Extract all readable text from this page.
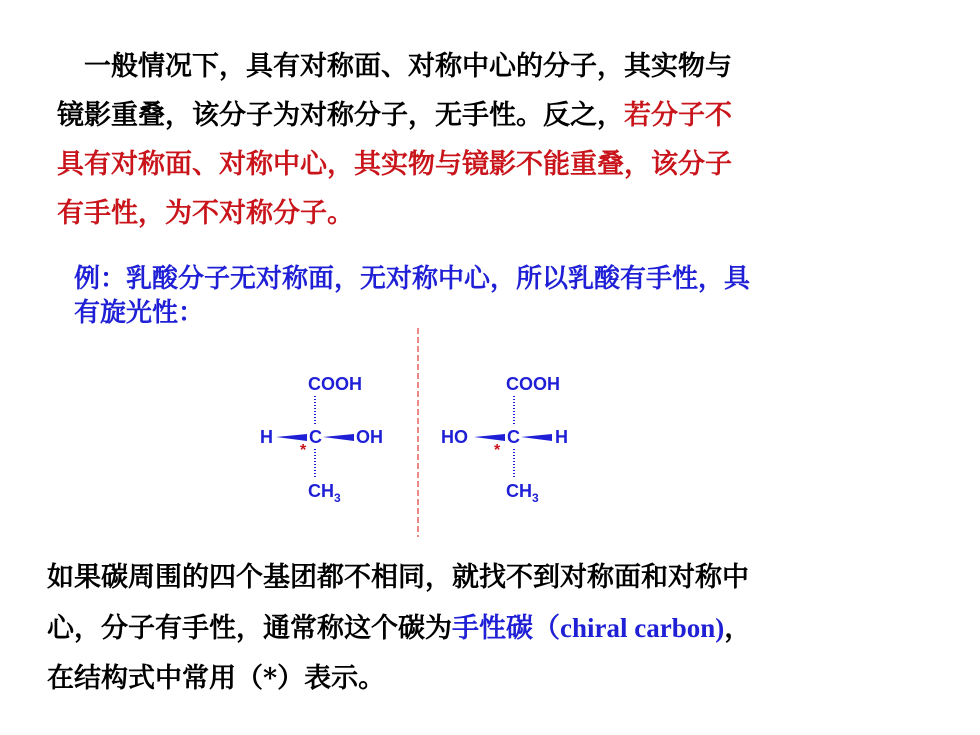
一般情况下，具有对称面、对称中心的分子，其实物与
镜影重叠，该分子为对称分子，无手性。反之，若分子不
具有对称面、对称中心，其实物与镜影不能重叠，该分子
有手性，为不对称分子。
例：乳酸分子无对称面，无对称中心，所以乳酸有手性，具
有旋光性：
COOH
H C OH
*
$CH_3$
COOH
HO C H
*
$CH_3$
如果碳周围的四个基团都不相同，就找不到对称面和对称中
心，分子有手性，通常称这个碳为手性碳（chiral carbon)，
在结构式中常用（*）表示。
